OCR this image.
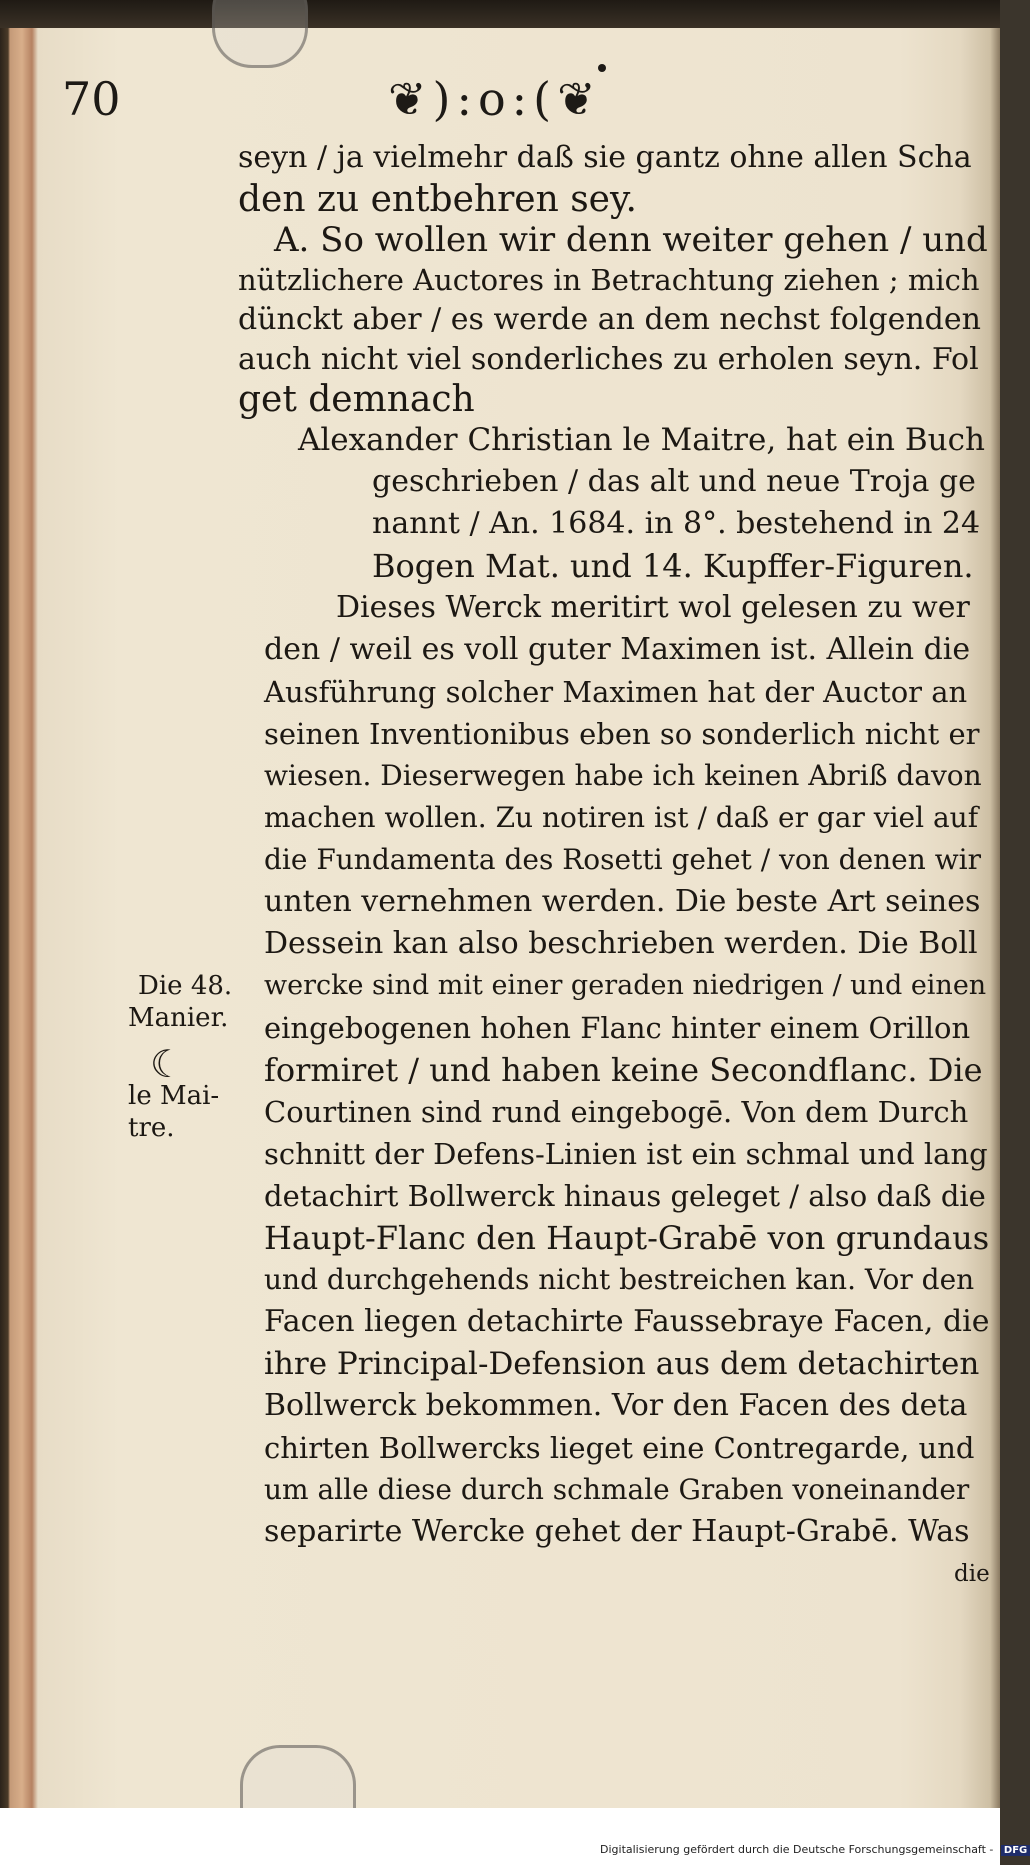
70	❦):o:(❦
seyn / ja vielmehr daß sie gantz ohne allen Scha
den zu entbehren sey.
A. So wollen wir denn weiter gehen / und
nützlichere Auctores in Betrachtung ziehen ; mich
dünckt aber / es werde an dem nechst folgenden
auch nicht viel sonderliches zu erholen seyn. Fol
get demnach
Alexander Christian le Maitre, hat ein Buch
geschrieben / das alt und neue Troja ge
nannt / An. 1684. in 8°. bestehend in 24
Bogen Mat. und 14. Kupffer-Figuren.
Dieses Werck meritirt wol gelesen zu wer
den / weil es voll guter Maximen ist. Allein die
Ausführung solcher Maximen hat der Auctor an
seinen Inventionibus eben so sonderlich nicht er
wiesen. Dieserwegen habe ich keinen Abriß davon
machen wollen. Zu notiren ist / daß er gar viel auf
die Fundamenta des Rosetti gehet / von denen wir
unten vernehmen werden. Die beste Art seines
Dessein kan also beschrieben werden. Die Boll
wercke sind mit einer geraden niedrigen / und einen
eingebogenen hohen Flanc hinter einem Orillon
formiret / und haben keine Secondflanc. Die
Courtinen sind rund eingebogē. Von dem Durch
schnitt der Defens-Linien ist ein schmal und lang
detachirt Bollwerck hinaus geleget / also daß die
Haupt-Flanc den Haupt-Grabē von grundaus
und durchgehends nicht bestreichen kan. Vor den
Facen liegen detachirte Faussebraye Facen, die
ihre Principal-Defension aus dem detachirten
Bollwerck bekommen. Vor den Facen des deta
chirten Bollwercks lieget eine Contregarde, und
um alle diese durch schmale Graben voneinander
separirte Wercke gehet der Haupt-Grabē. Was
die
Die 48.
Manier.
☾
le Mai-
tre.
Digitalisierung gefördert durch die Deutsche Forschungsgemeinschaft - DFG
